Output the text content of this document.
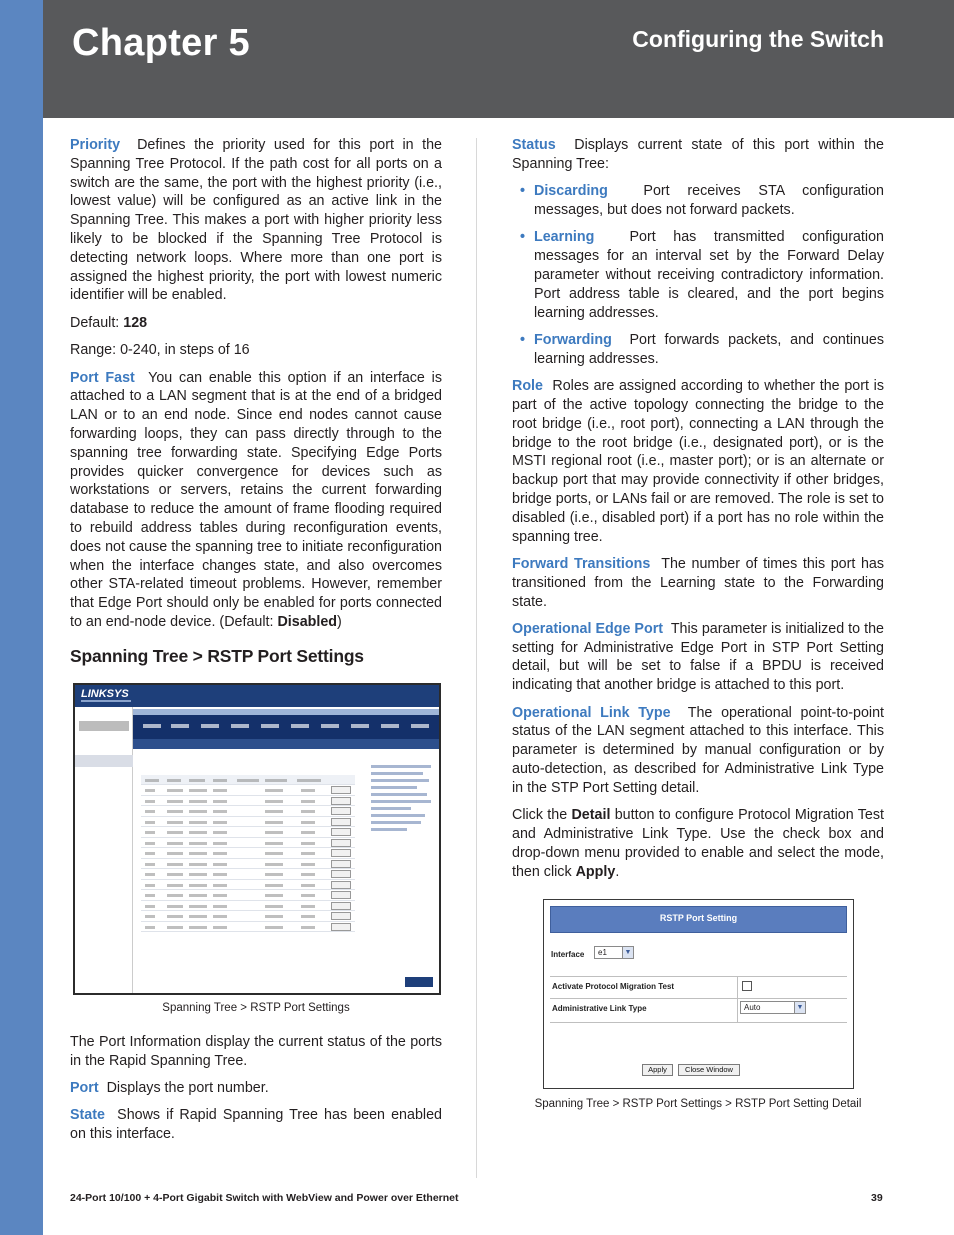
Chapter 5	Configuring the Switch

Priority Defines the priority used for this port in the Spanning Tree Protocol. If the path cost for all ports on a switch are the same, the port with the highest priority (i.e., lowest value) will be configured as an active link in the Spanning Tree. This makes a port with higher priority less likely to be blocked if the Spanning Tree Protocol is detecting network loops. Where more than one port is assigned the highest priority, the port with lowest numeric identifier will be enabled.

Default: 128

Range: 0-240, in steps of 16

Port Fast You can enable this option if an interface is attached to a LAN segment that is at the end of a bridged LAN or to an end node. Since end nodes cannot cause forwarding loops, they can pass directly through to the spanning tree forwarding state. Specifying Edge Ports provides quicker convergence for devices such as workstations or servers, retains the current forwarding database to reduce the amount of frame flooding required to rebuild address tables during reconfiguration events, does not cause the spanning tree to initiate reconfiguration when the interface changes state, and also overcomes other STA-related timeout problems. However, remember that Edge Port should only be enabled for ports connected to an end-node device. (Default: Disabled)

Spanning Tree > RSTP Port Settings
LINKSYS

Spanning Tree > RSTP Port Settings

The Port Information display the current status of the ports in the Rapid Spanning Tree.

Port Displays the port number.

State Shows if Rapid Spanning Tree has been enabled on this interface.

Status Displays current state of this port within the Spanning Tree:

• Discarding Port receives STA configuration messages, but does not forward packets.
• Learning Port has transmitted configuration messages for an interval set by the Forward Delay parameter without receiving contradictory information. Port address table is cleared, and the port begins learning addresses.
• Forwarding Port forwards packets, and continues learning addresses.

Role Roles are assigned according to whether the port is part of the active topology connecting the bridge to the root bridge (i.e., root port), connecting a LAN through the bridge to the root bridge (i.e., designated port), or is the MSTI regional root (i.e., master port); or is an alternate or backup port that may provide connectivity if other bridges, bridge ports, or LANs fail or are removed. The role is set to disabled (i.e., disabled port) if a port has no role within the spanning tree.

Forward Transitions The number of times this port has transitioned from the Learning state to the Forwarding state.

Operational Edge Port This parameter is initialized to the setting for Administrative Edge Port in STP Port Setting detail, but will be set to false if a BPDU is received indicating that another bridge is attached to this port.

Operational Link Type The operational point-to-point status of the LAN segment attached to this interface. This parameter is determined by manual configuration or by auto-detection, as described for Administrative Link Type in the STP Port Setting detail.

Click the Detail button to configure Protocol Migration Test and Administrative Link Type. Use the check box and drop-down menu provided to enable and select the mode, then click Apply.

RSTP Port Setting
Interface	e1	▼
Activate Protocol Migration Test
Administrative Link Type	Auto	▼
Apply	Close Window

Spanning Tree > RSTP Port Settings > RSTP Port Setting Detail

24-Port 10/100 + 4-Port Gigabit Switch with WebView and Power over Ethernet	39
